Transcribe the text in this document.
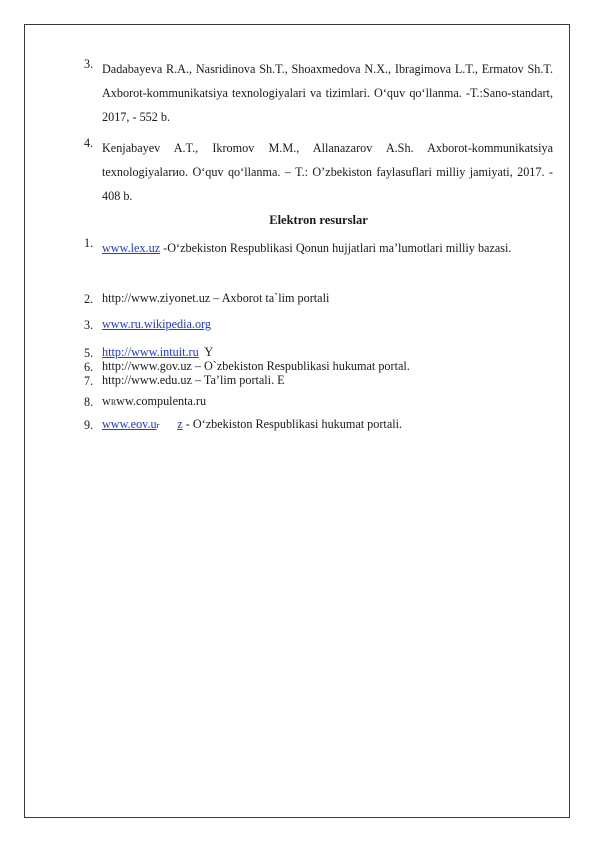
3. Dadabayeva R.A., Nasridinova Sh.T., Shoaxmedova N.X., Ibragimova L.T., Ermatov Sh.T. Axborot-kommunikatsiya texnologiyalari va tizimlari. O‘quv qo‘llanma. -T.:Sano-standart, 2017, - 552 b.
4. Kenjabayev A.T., Ikromov M.M., Allanazarov A.Sh. Axborot-kommunikatsiya texnologiyalarиo. O‘quv qo‘llanma. – T.: O’zbekiston faylasuflari milliy jamiyati, 2017. - 408 b.
Elektron resurslar
1. www.lex.uz -O‘zbekiston Respublikasi Qonun hujjatlari ma’lumotlari milliy bazasi.
2. http://www.ziyonet.uz – Axborot ta`lim portali
3. www.ru.wikipedia.org
5. http://www.intuit.ru  Y
6. http://www.gov.uz – O`zbekiston Respublikasi hukumat portal.
7. http://www.edu.uz – Ta’lim portali. E
8. wRww.compulenta.ru
9. www.eov.ur z - O‘zbekiston Respublikasi hukumat portali.
